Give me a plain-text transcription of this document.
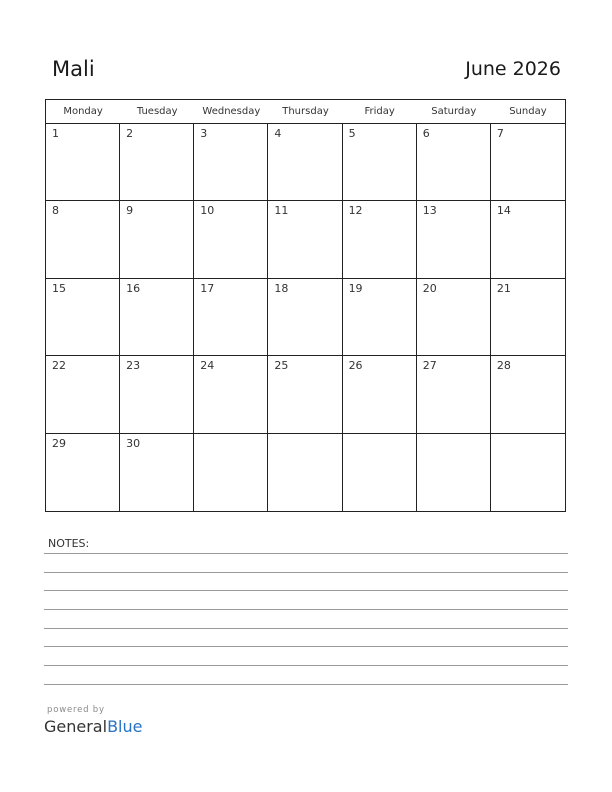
Mali	June 2026
Monday	Tuesday	Wednesday	Thursday	Friday	Saturday	Sunday
1	2	3	4	5	6	7
8	9	10	11	12	13	14
15	16	17	18	19	20	21
22	23	24	25	26	27	28
29	30
NOTES:
powered by
GeneralBlue
